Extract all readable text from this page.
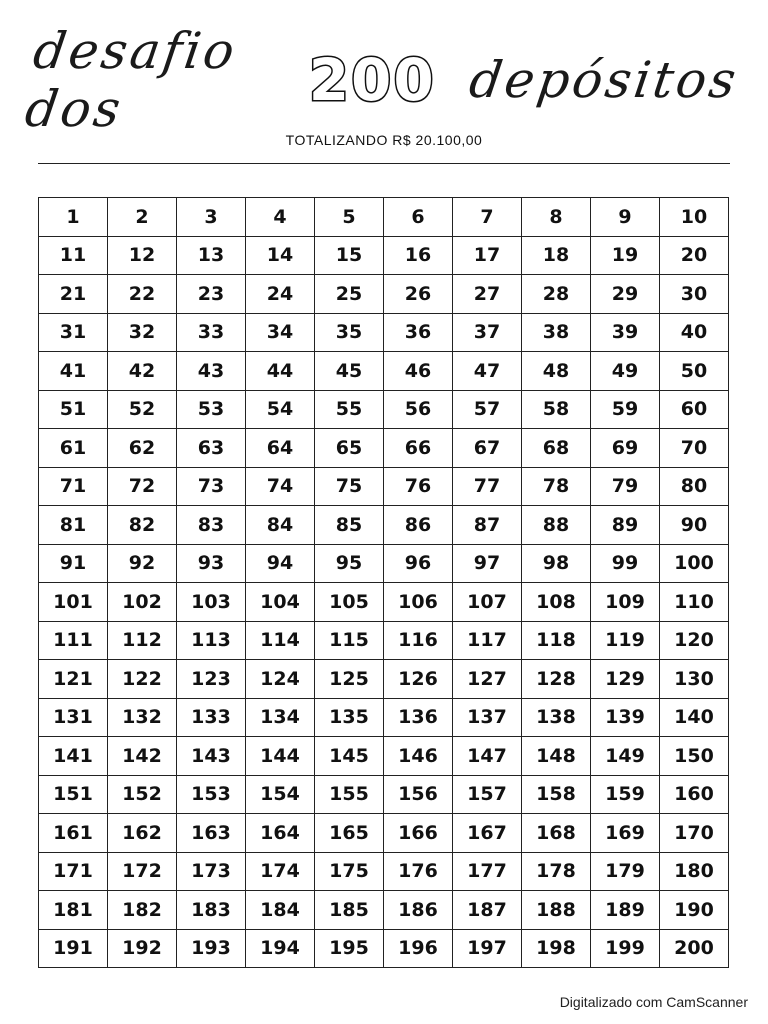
desafio dos	200 depósitos
TOTALIZANDO R$ 20.100,00
1	2	3	4	5	6	7	8	9	10
11	12	13	14	15	16	17	18	19	20
21	22	23	24	25	26	27	28	29	30
31	32	33	34	35	36	37	38	39	40
41	42	43	44	45	46	47	48	49	50
51	52	53	54	55	56	57	58	59	60
61	62	63	64	65	66	67	68	69	70
71	72	73	74	75	76	77	78	79	80
81	82	83	84	85	86	87	88	89	90
91	92	93	94	95	96	97	98	99	100
101	102	103	104	105	106	107	108	109	110
111	112	113	114	115	116	117	118	119	120
121	122	123	124	125	126	127	128	129	130
131	132	133	134	135	136	137	138	139	140
141	142	143	144	145	146	147	148	149	150
151	152	153	154	155	156	157	158	159	160
161	162	163	164	165	166	167	168	169	170
171	172	173	174	175	176	177	178	179	180
181	182	183	184	185	186	187	188	189	190
191	192	193	194	195	196	197	198	199	200
Digitalizado com CamScanner
